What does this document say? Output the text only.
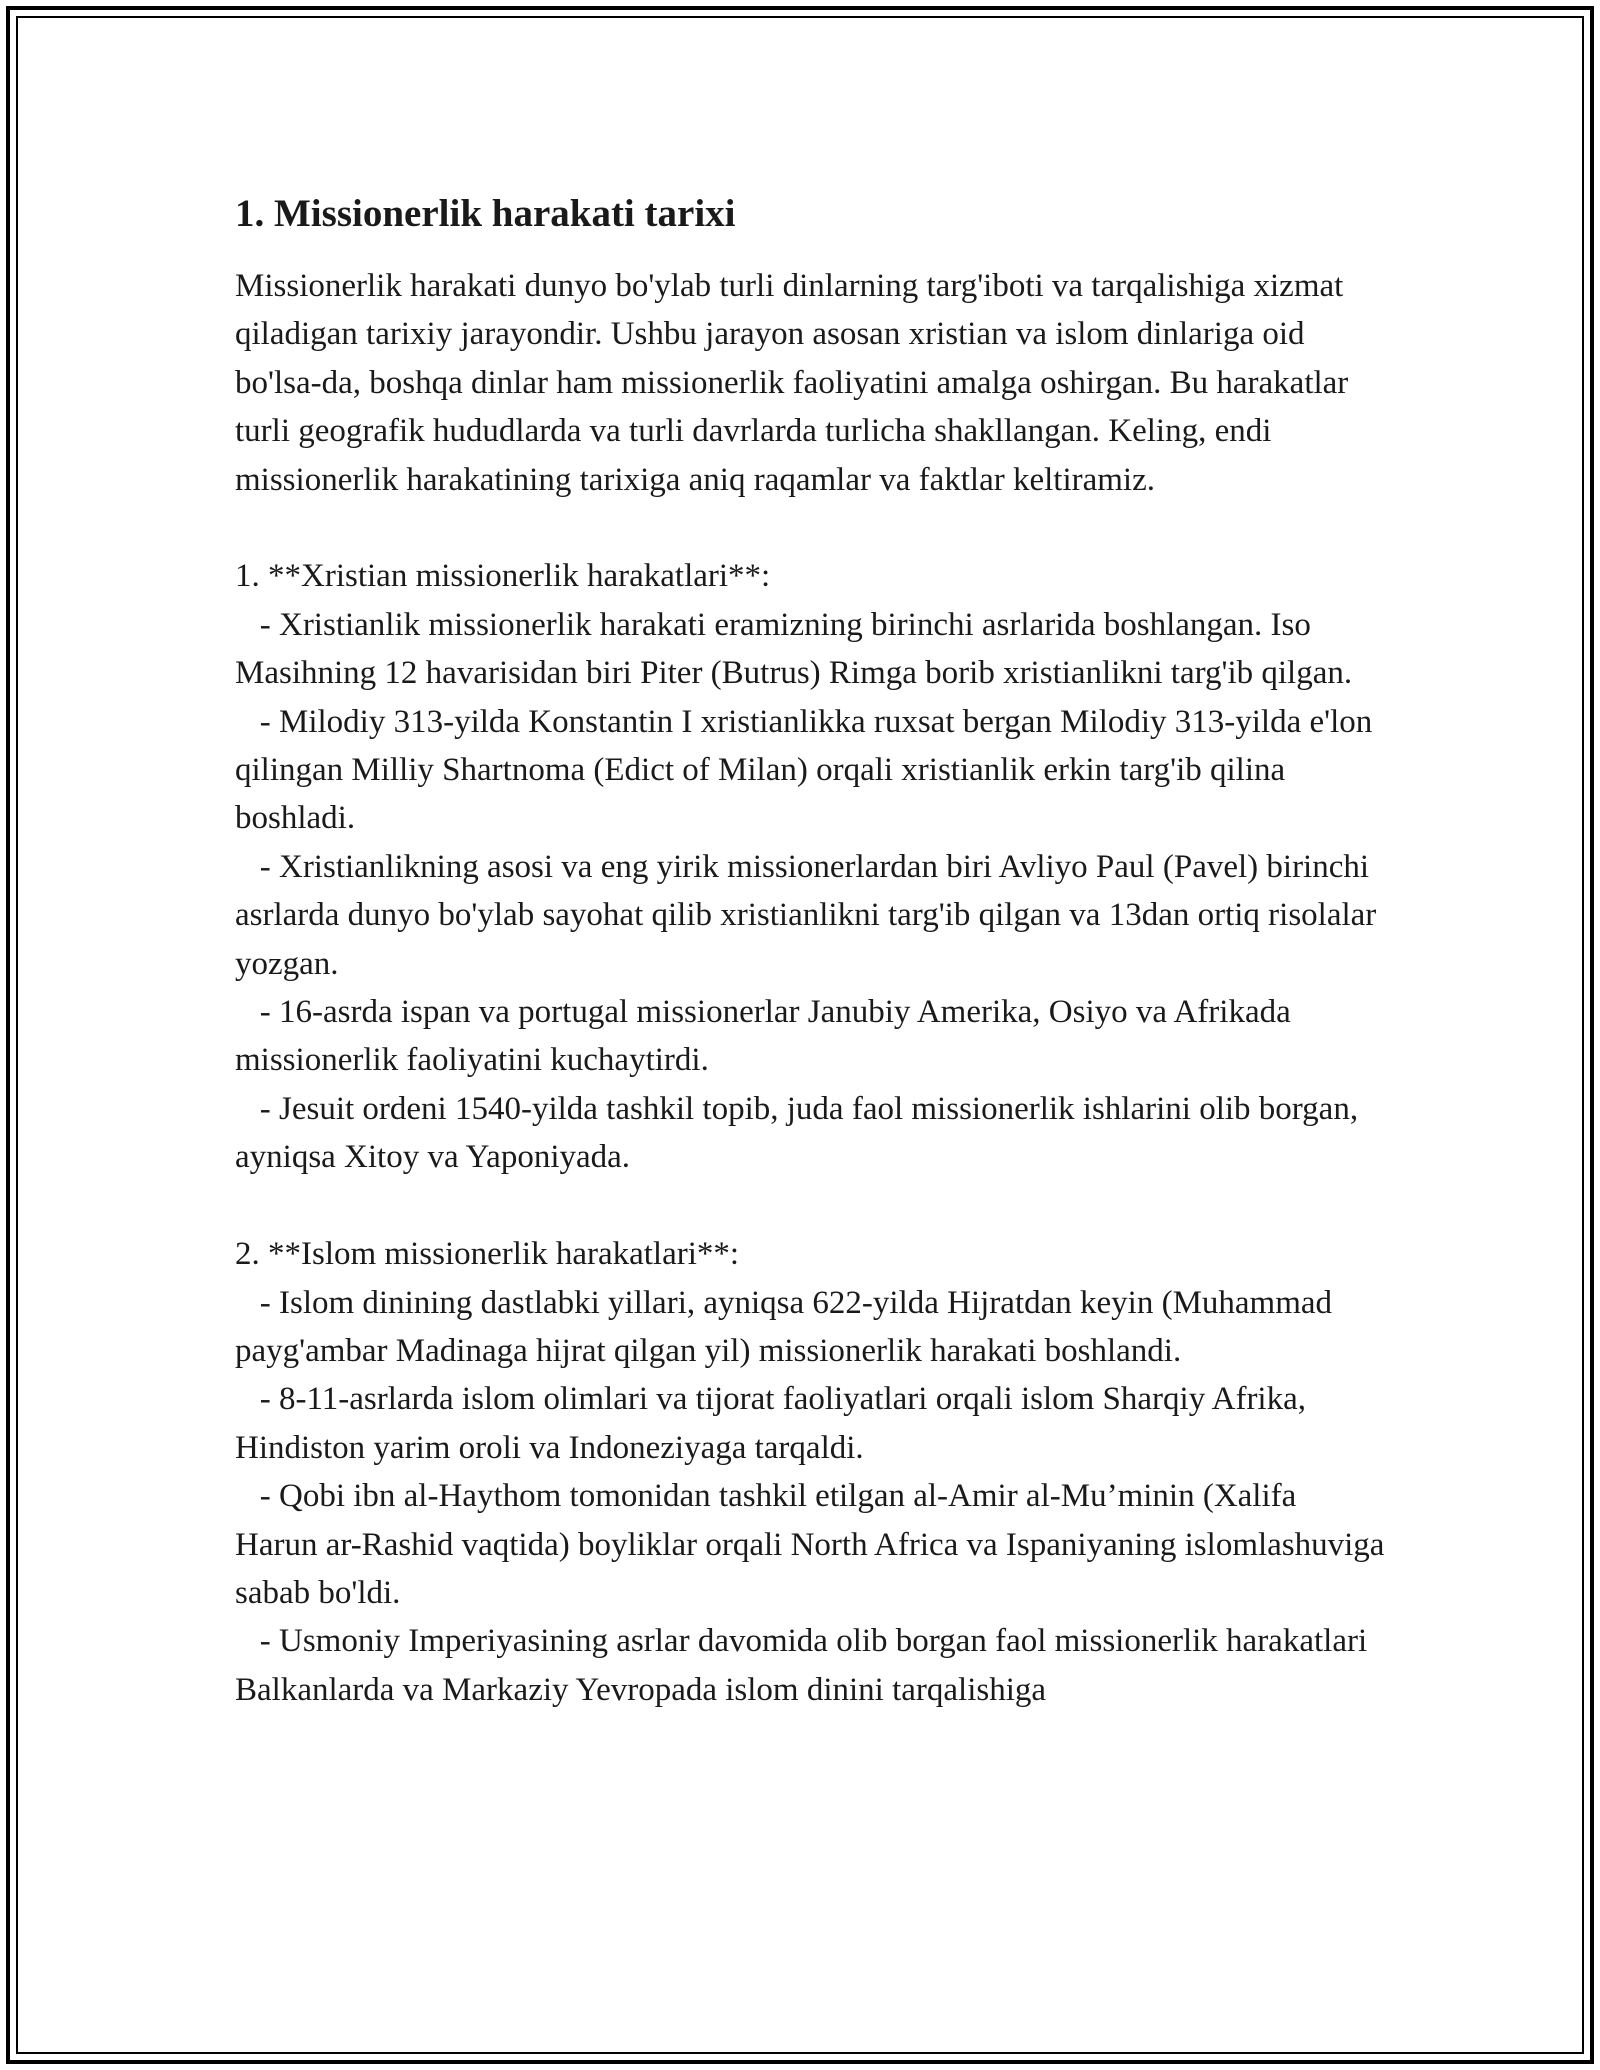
1. Missionerlik harakati tarixi

Missionerlik harakati dunyo bo'ylab turli dinlarning targ'iboti va tarqalishiga xizmat qiladigan tarixiy jarayondir. Ushbu jarayon asosan xristian va islom dinlariga oid bo'lsa-da, boshqa dinlar ham missionerlik faoliyatini amalga oshirgan. Bu harakatlar turli geografik hududlarda va turli davrlarda turlicha shakllangan. Keling, endi missionerlik harakatining tarixiga aniq raqamlar va faktlar keltiramiz.

1. **Xristian missionerlik harakatlari**:

- Xristianlik missionerlik harakati eramizning birinchi asrlarida boshlangan. Iso Masihning 12 havarisidan biri Piter (Butrus) Rimga borib xristianlikni targ'ib qilgan.

- Milodiy 313-yilda Konstantin I xristianlikka ruxsat bergan Milodiy 313-yilda e'lon qilingan Milliy Shartnoma (Edict of Milan) orqali xristianlik erkin targ'ib qilina boshladi.

- Xristianlikning asosi va eng yirik missionerlardan biri Avliyo Paul (Pavel) birinchi asrlarda dunyo bo'ylab sayohat qilib xristianlikni targ'ib qilgan va 13dan ortiq risolalar yozgan.

- 16-asrda ispan va portugal missionerlar Janubiy Amerika, Osiyo va Afrikada missionerlik faoliyatini kuchaytirdi.

- Jesuit ordeni 1540-yilda tashkil topib, juda faol missionerlik ishlarini olib borgan, ayniqsa Xitoy va Yaponiyada.

2. **Islom missionerlik harakatlari**:

- Islom dinining dastlabki yillari, ayniqsa 622-yilda Hijratdan keyin (Muhammad payg'ambar Madinaga hijrat qilgan yil) missionerlik harakati boshlandi.

- 8-11-asrlarda islom olimlari va tijorat faoliyatlari orqali islom Sharqiy Afrika, Hindiston yarim oroli va Indoneziyaga tarqaldi.

- Qobi ibn al-Haythom tomonidan tashkil etilgan al-Amir al-Mu’minin (Xalifa Harun ar-Rashid vaqtida) boyliklar orqali North Africa va Ispaniyaning islomlashuviga sabab bo'ldi.

- Usmoniy Imperiyasining asrlar davomida olib borgan faol missionerlik harakatlari Balkanlarda va Markaziy Yevropada islom dinini tarqalishiga
